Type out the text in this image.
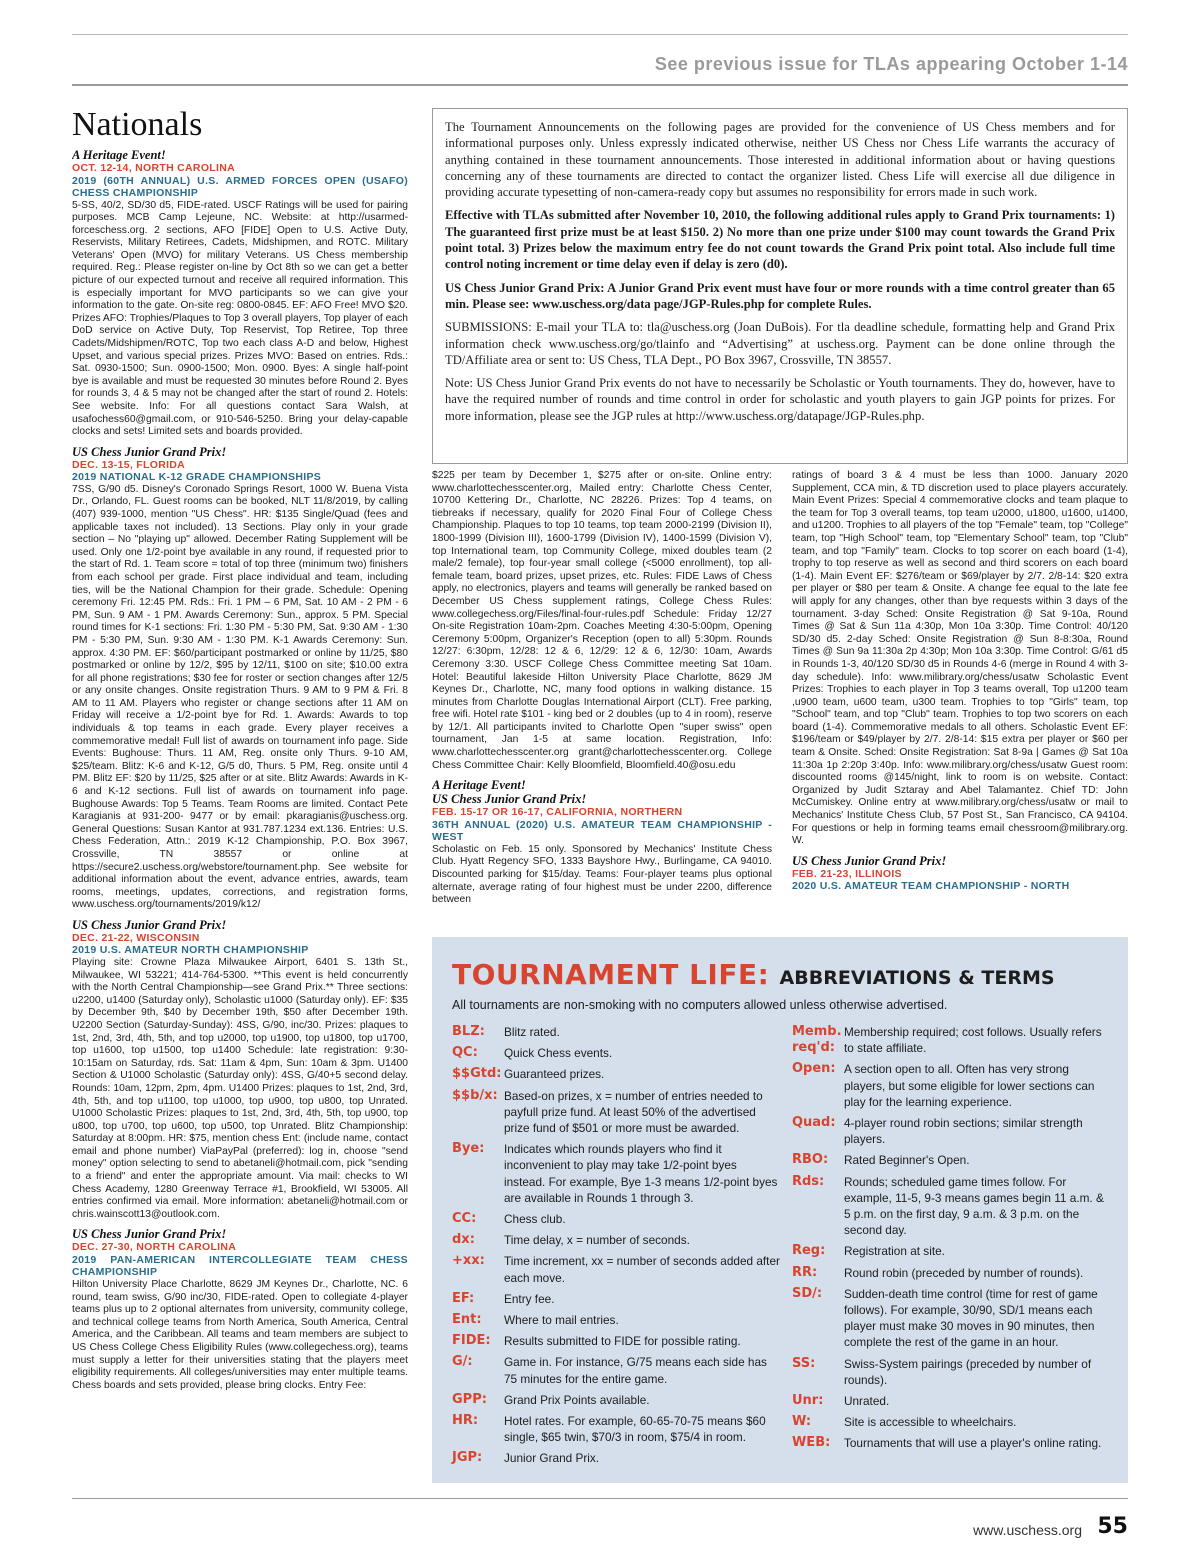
See previous issue for TLAs appearing October 1-14
Nationals
A Heritage Event!
OCT. 12-14, NORTH CAROLINA
2019 (60TH ANNUAL) U.S. ARMED FORCES OPEN (USAFO) CHESS CHAMPIONSHIP
5-SS, 40/2, SD/30 d5, FIDE-rated. USCF Ratings will be used for pairing purposes. MCB Camp Lejeune, NC. Website: at http://usarmed-forceschess.org. 2 sections, AFO [FIDE] Open to U.S. Active Duty, Reservists, Military Retirees, Cadets, Midshipmen, and ROTC. Military Veterans' Open (MVO) for military Veterans. US Chess membership required. Reg.: Please register on-line by Oct 8th so we can get a better picture of our expected turnout and receive all required information. This is especially important for MVO participants so we can give your information to the gate. On-site reg: 0800-0845. EF: AFO Free! MVO $20. Prizes AFO: Trophies/Plaques to Top 3 overall players, Top player of each DoD service on Active Duty, Top Reservist, Top Retiree, Top three Cadets/Midshipmen/ROTC, Top two each class A-D and below, Highest Upset, and various special prizes. Prizes MVO: Based on entries. Rds.: Sat. 0930-1500; Sun. 0900-1500; Mon. 0900. Byes: A single half-point bye is available and must be requested 30 minutes before Round 2. Byes for rounds 3, 4 & 5 may not be changed after the start of round 2. Hotels: See website. Info: For all questions contact Sara Walsh, at usafochess60@gmail.com, or 910-546-5250. Bring your delay-capable clocks and sets! Limited sets and boards provided.
US Chess Junior Grand Prix!
DEC. 13-15, FLORIDA
2019 NATIONAL K-12 GRADE CHAMPIONSHIPS
7SS, G/90 d5. Disney's Coronado Springs Resort, 1000 W. Buena Vista Dr., Orlando, FL. Guest rooms can be booked, NLT 11/8/2019, by calling (407) 939-1000, mention "US Chess". HR: $135 Single/Quad (fees and applicable taxes not included). 13 Sections. Play only in your grade section – No "playing up" allowed. December Rating Supplement will be used. Only one 1/2-point bye available in any round, if requested prior to the start of Rd. 1. Team score = total of top three (minimum two) finishers from each school per grade. First place individual and team, including ties, will be the National Champion for their grade. Schedule: Opening ceremony Fri. 12:45 PM. Rds.: Fri. 1 PM – 6 PM, Sat. 10 AM - 2 PM - 6 PM, Sun. 9 AM - 1 PM. Awards Ceremony: Sun., approx. 5 PM. Special round times for K-1 sections: Fri. 1:30 PM - 5:30 PM, Sat. 9:30 AM - 1:30 PM - 5:30 PM, Sun. 9:30 AM - 1:30 PM. K-1 Awards Ceremony: Sun. approx. 4:30 PM. EF: $60/participant postmarked or online by 11/25, $80 postmarked or online by 12/2, $95 by 12/11, $100 on site; $10.00 extra for all phone registrations; $30 fee for roster or section changes after 12/5 or any onsite changes. Onsite registration Thurs. 9 AM to 9 PM & Fri. 8 AM to 11 AM. Players who register or change sections after 11 AM on Friday will receive a 1/2-point bye for Rd. 1. Awards: Awards to top individuals & top teams in each grade. Every player receives a commemorative medal! Full list of awards on tournament info page. Side Events: Bughouse: Thurs. 11 AM, Reg. onsite only Thurs. 9-10 AM, $25/team. Blitz: K-6 and K-12, G/5 d0, Thurs. 5 PM, Reg. onsite until 4 PM. Blitz EF: $20 by 11/25, $25 after or at site. Blitz Awards: Awards in K-6 and K-12 sections. Full list of awards on tournament info page. Bughouse Awards: Top 5 Teams. Team Rooms are limited. Contact Pete Karagianis at 931-200- 9477 or by email: pkaragianis@uschess.org. General Questions: Susan Kantor at 931.787.1234 ext.136. Entries: U.S. Chess Federation, Attn.: 2019 K-12 Championship, P.O. Box 3967, Crossville, TN 38557 or online at https://secure2.uschess.org/webstore/tournament.php. See website for additional information about the event, advance entries, awards, team rooms, meetings, updates, corrections, and registration forms, www.uschess.org/tournaments/2019/k12/
US Chess Junior Grand Prix!
DEC. 21-22, WISCONSIN
2019 U.S. AMATEUR NORTH CHAMPIONSHIP
Playing site: Crowne Plaza Milwaukee Airport, 6401 S. 13th St., Milwaukee, WI 53221; 414-764-5300. **This event is held concurrently with the North Central Championship—see Grand Prix.** Three sections: u2200, u1400 (Saturday only), Scholastic u1000 (Saturday only). EF: $35 by December 9th, $40 by December 19th, $50 after December 19th. U2200 Section (Saturday-Sunday): 4SS, G/90, inc/30. Prizes: plaques to 1st, 2nd, 3rd, 4th, 5th, and top u2000, top u1900, top u1800, top u1700, top u1600, top u1500, top u1400 Schedule: late registration: 9:30-10:15am on Saturday, rds. Sat: 11am & 4pm, Sun: 10am & 3pm. U1400 Section & U1000 Scholastic (Saturday only): 4SS, G/40+5 second delay. Rounds: 10am, 12pm, 2pm, 4pm. U1400 Prizes: plaques to 1st, 2nd, 3rd, 4th, 5th, and top u1100, top u1000, top u900, top u800, top Unrated. U1000 Scholastic Prizes: plaques to 1st, 2nd, 3rd, 4th, 5th, top u900, top u800, top u700, top u600, top u500, top Unrated. Blitz Championship: Saturday at 8:00pm. HR: $75, mention chess Ent: (include name, contact email and phone number) ViaPayPal (preferred): log in, choose "send money" option selecting to send to abetaneli@hotmail.com, pick "sending to a friend" and enter the appropriate amount. Via mail: checks to WI Chess Academy, 1280 Greenway Terrace #1, Brookfield, WI 53005. All entries confirmed via email. More information: abetaneli@hotmail.com or chris.wainscott13@outlook.com.
US Chess Junior Grand Prix!
DEC. 27-30, NORTH CAROLINA
2019 PAN-AMERICAN INTERCOLLEGIATE TEAM CHESS CHAMPIONSHIP
Hilton University Place Charlotte, 8629 JM Keynes Dr., Charlotte, NC. 6 round, team swiss, G/90 inc/30, FIDE-rated. Open to collegiate 4-player teams plus up to 2 optional alternates from university, community college, and technical college teams from North America, South America, Central America, and the Caribbean. All teams and team members are subject to US Chess College Chess Eligibility Rules (www.collegechess.org), teams must supply a letter for their universities stating that the players meet eligibility requirements. All colleges/universities may enter multiple teams. Chess boards and sets provided, please bring clocks. Entry Fee:

The Tournament Announcements on the following pages are provided for the convenience of US Chess members and for informational purposes only. Unless expressly indicated otherwise, neither US Chess nor Chess Life warrants the accuracy of anything contained in these tournament announcements. Those interested in additional information about or having questions concerning any of these tournaments are directed to contact the organizer listed. Chess Life will exercise all due diligence in providing accurate typesetting of non-camera-ready copy but assumes no responsibility for errors made in such work.

Effective with TLAs submitted after November 10, 2010, the following additional rules apply to Grand Prix tournaments: 1) The guaranteed first prize must be at least $150. 2) No more than one prize under $100 may count towards the Grand Prix point total. 3) Prizes below the maximum entry fee do not count towards the Grand Prix point total. Also include full time control noting increment or time delay even if delay is zero (d0).

US Chess Junior Grand Prix: A Junior Grand Prix event must have four or more rounds with a time control greater than 65 min. Please see: www.uschess.org/data page/JGP-Rules.php for complete Rules.

SUBMISSIONS: E-mail your TLA to: tla@uschess.org (Joan DuBois). For tla deadline schedule, formatting help and Grand Prix information check www.uschess.org/go/tlainfo and “Advertising” at uschess.org. Payment can be done online through the TD/Affiliate area or sent to: US Chess, TLA Dept., PO Box 3967, Crossville, TN 38557.

Note: US Chess Junior Grand Prix events do not have to necessarily be Scholastic or Youth tournaments. They do, however, have to have the required number of rounds and time control in order for scholastic and youth players to gain JGP points for prizes. For more information, please see the JGP rules at http://www.uschess.org/datapage/JGP-Rules.php.

$225 per team by December 1, $275 after or on-site. Online entry: www.charlottechesscenter.org, Mailed entry: Charlotte Chess Center, 10700 Kettering Dr., Charlotte, NC 28226. Prizes: Top 4 teams, on tiebreaks if necessary, qualify for 2020 Final Four of College Chess Championship. Plaques to top 10 teams, top team 2000-2199 (Division II), 1800-1999 (Division III), 1600-1799 (Division IV), 1400-1599 (Division V), top International team, top Community College, mixed doubles team (2 male/2 female), top four-year small college (<5000 enrollment), top all-female team, board prizes, upset prizes, etc. Rules: FIDE Laws of Chess apply, no electronics, players and teams will generally be ranked based on December US Chess supplement ratings, College Chess Rules: www.collegechess.org/Files/final-four-rules.pdf Schedule: Friday 12/27 On-site Registration 10am-2pm. Coaches Meeting 4:30-5:00pm, Opening Ceremony 5:00pm, Organizer's Reception (open to all) 5:30pm. Rounds 12/27: 6:30pm, 12/28: 12 & 6, 12/29: 12 & 6, 12/30: 10am, Awards Ceremony 3:30. USCF College Chess Committee meeting Sat 10am. Hotel: Beautiful lakeside Hilton University Place Charlotte, 8629 JM Keynes Dr., Charlotte, NC, many food options in walking distance. 15 minutes from Charlotte Douglas International Airport (CLT). Free parking, free wifi. Hotel rate $101 - king bed or 2 doubles (up to 4 in room), reserve by 12/1. All participants invited to Charlotte Open "super swiss" open tournament, Jan 1-5 at same location. Registration, Info: www.charlottechesscenter.org grant@charlottechesscenter.org. College Chess Committee Chair: Kelly Bloomfield, Bloomfield.40@osu.edu
A Heritage Event!
US Chess Junior Grand Prix!
FEB. 15-17 OR 16-17, CALIFORNIA, NORTHERN
36TH ANNUAL (2020) U.S. AMATEUR TEAM CHAMPIONSHIP - WEST
Scholastic on Feb. 15 only. Sponsored by Mechanics' Institute Chess Club. Hyatt Regency SFO, 1333 Bayshore Hwy., Burlingame, CA 94010. Discounted parking for $15/day. Teams: Four-player teams plus optional alternate, average rating of four highest must be under 2200, difference between
ratings of board 3 & 4 must be less than 1000. January 2020 Supplement, CCA min, & TD discretion used to place players accurately. Main Event Prizes: Special 4 commemorative clocks and team plaque to the team for Top 3 overall teams, top team u2000, u1800, u1600, u1400, and u1200. Trophies to all players of the top "Female" team, top "College" team, top "High School" team, top "Elementary School" team, top "Club" team, and top "Family" team. Clocks to top scorer on each board (1-4), trophy to top reserve as well as second and third scorers on each board (1-4). Main Event EF: $276/team or $69/player by 2/7. 2/8-14: $20 extra per player or $80 per team & Onsite. A change fee equal to the late fee will apply for any changes, other than bye requests within 3 days of the tournament. 3-day Sched: Onsite Registration @ Sat 9-10a, Round Times @ Sat & Sun 11a 4:30p, Mon 10a 3:30p. Time Control: 40/120 SD/30 d5. 2-day Sched: Onsite Registration @ Sun 8-8:30a, Round Times @ Sun 9a 11:30a 2p 4:30p; Mon 10a 3:30p. Time Control: G/61 d5 in Rounds 1-3, 40/120 SD/30 d5 in Rounds 4-6 (merge in Round 4 with 3-day schedule). Info: www.milibrary.org/chess/usatw Scholastic Event Prizes: Trophies to each player in Top 3 teams overall, Top u1200 team ,u900 team, u600 team, u300 team. Trophies to top "Girls" team, top "School" team, and top "Club" team. Trophies to top two scorers on each board (1-4). Commemorative medals to all others. Scholastic Event EF: $196/team or $49/player by 2/7. 2/8-14: $15 extra per player or $60 per team & Onsite. Sched: Onsite Registration: Sat 8-9a | Games @ Sat 10a 11:30a 1p 2:20p 3:40p. Info: www.milibrary.org/chess/usatw Guest room: discounted rooms @145/night, link to room is on website. Contact: Organized by Judit Sztaray and Abel Talamantez. Chief TD: John McCumiskey. Online entry at www.milibrary.org/chess/usatw or mail to Mechanics' Institute Chess Club, 57 Post St., San Francisco, CA 94104. For questions or help in forming teams email chessroom@milibrary.org. W.
US Chess Junior Grand Prix!
FEB. 21-23, ILLINOIS
2020 U.S. AMATEUR TEAM CHAMPIONSHIP - NORTH
TOURNAMENT LIFE: ABBREVIATIONS & TERMS
All tournaments are non-smoking with no computers allowed unless otherwise advertised.
BLZ:	Blitz rated.
QC:	Quick Chess events.
$$Gtd: Guaranteed prizes.
$$b/x: Based-on prizes, x = number of entries needed to payfull prize fund. At least 50% of the advertised prize fund of $501 or more must be awarded.
Bye:	Indicates which rounds players who find it inconvenient to play may take 1/2-point byes instead. For example, Bye 1-3 means 1/2-point byes are available in Rounds 1 through 3.
CC:	Chess club.
dx:	Time delay, x = number of seconds.
+xx:	Time increment, xx = number of seconds added after each move.
EF:	Entry fee.
Ent:	Where to mail entries.
FIDE:	Results submitted to FIDE for possible rating.
G/:	Game in. For instance, G/75 means each side has 75 minutes for the entire game.
GPP:	Grand Prix Points available.
HR:	Hotel rates. For example, 60-65-70-75 means $60 single, $65 twin, $70/3 in room, $75/4 in room.
JGP:	Junior Grand Prix.
Memb. req'd:
Membership required; cost follows. Usually refers to state affiliate.
Open: A section open to all. Often has very strong players, but some eligible for lower sections can play for the learning experience.
Quad: 4-player round robin sections; similar strength players.
RBO:	Rated Beginner's Open.
Rds:	Rounds; scheduled game times follow. For example, 11-5, 9-3 means games begin 11 a.m. & 5 p.m. on the first day, 9 a.m. & 3 p.m. on the second day.
Reg:	Registration at site.
RR:	Round robin (preceded by number of rounds).
SD/:	Sudden-death time control (time for rest of game follows). For example, 30/90, SD/1 means each player must make 30 moves in 90 minutes, then complete the rest of the game in an hour.
SS:	Swiss-System pairings (preceded by number of rounds).
Unr:	Unrated.
W:	Site is accessible to wheelchairs.
WEB:	Tournaments that will use a player's online rating.
www.uschess.org 55
